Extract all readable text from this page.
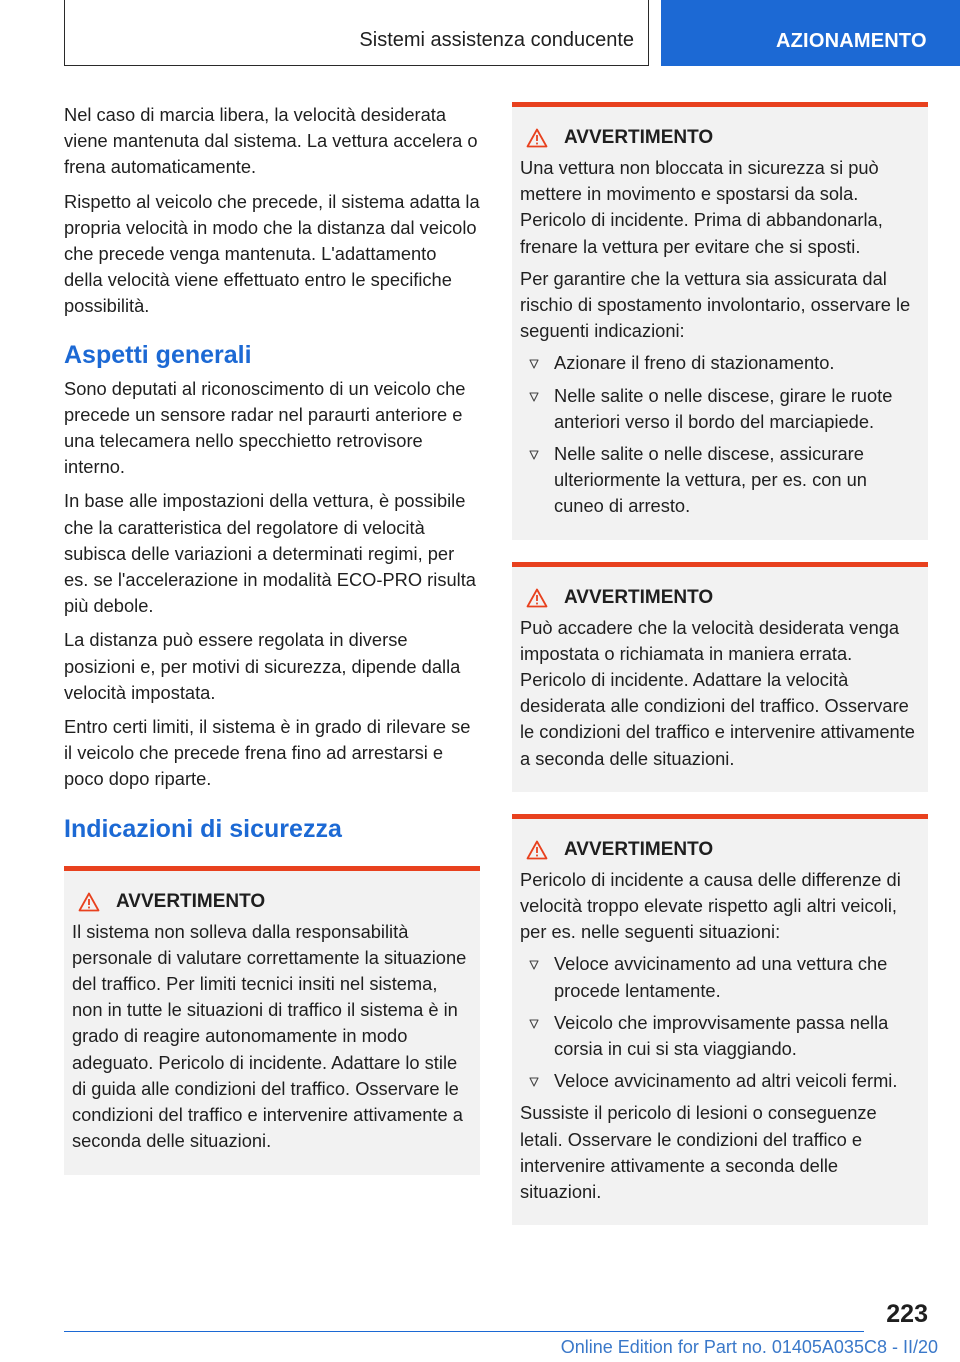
Sistemi assistenza conducente	AZIONAMENTO

Nel caso di marcia libera, la velocità desiderata viene mantenuta dal sistema. La vettura accelera o frena automaticamente.

Rispetto al veicolo che precede, il sistema adatta la propria velocità in modo che la distanza dal veicolo che precede venga mantenuta. L'adattamento della velocità viene effettuato entro le specifiche possibilità.

Aspetti generali

Sono deputati al riconoscimento di un veicolo che precede un sensore radar nel paraurti anteriore e una telecamera nello specchietto retrovisore interno.

In base alle impostazioni della vettura, è possibile che la caratteristica del regolatore di velocità subisca delle variazioni a determinati regimi, per es. se l'accelerazione in modalità ECO-PRO risulta più debole.

La distanza può essere regolata in diverse posizioni e, per motivi di sicurezza, dipende dalla velocità impostata.

Entro certi limiti, il sistema è in grado di rilevare se il veicolo che precede frena fino ad arrestarsi e poco dopo riparte.

Indicazioni di sicurezza
AVVERTIMENTO

Il sistema non solleva dalla responsabilità personale di valutare correttamente la situazione del traffico. Per limiti tecnici insiti nel sistema, non in tutte le situazioni di traffico il sistema è in grado di reagire autonomamente in modo adeguato. Pericolo di incidente. Adattare lo stile di guida alle condizioni del traffico. Osservare le condizioni del traffico e intervenire attivamente a seconda delle situazioni.

AVVERTIMENTO

Una vettura non bloccata in sicurezza si può mettere in movimento e spostarsi da sola. Pericolo di incidente. Prima di abbandonarla, frenare la vettura per evitare che si sposti.

Per garantire che la vettura sia assicurata dal rischio di spostamento involontario, osservare le seguenti indicazioni:

Azionare il freno di stazionamento.
Nelle salite o nelle discese, girare le ruote anteriori verso il bordo del marciapiede.
Nelle salite o nelle discese, assicurare ulteriormente la vettura, per es. con un cuneo di arresto.
AVVERTIMENTO

Può accadere che la velocità desiderata venga impostata o richiamata in maniera errata. Pericolo di incidente. Adattare la velocità desiderata alle condizioni del traffico. Osservare le condizioni del traffico e intervenire attivamente a seconda delle situazioni.

AVVERTIMENTO

Pericolo di incidente a causa delle differenze di velocità troppo elevate rispetto agli altri veicoli, per es. nelle seguenti situazioni:

Veloce avvicinamento ad una vettura che procede lentamente.
Veicolo che improvvisamente passa nella corsia in cui si sta viaggiando.
Veloce avvicinamento ad altri veicoli fermi.

Sussiste il pericolo di lesioni o conseguenze letali. Osservare le condizioni del traffico e intervenire attivamente a seconda delle situazioni.

223
Online Edition for Part no. 01405A035C8 - II/20
